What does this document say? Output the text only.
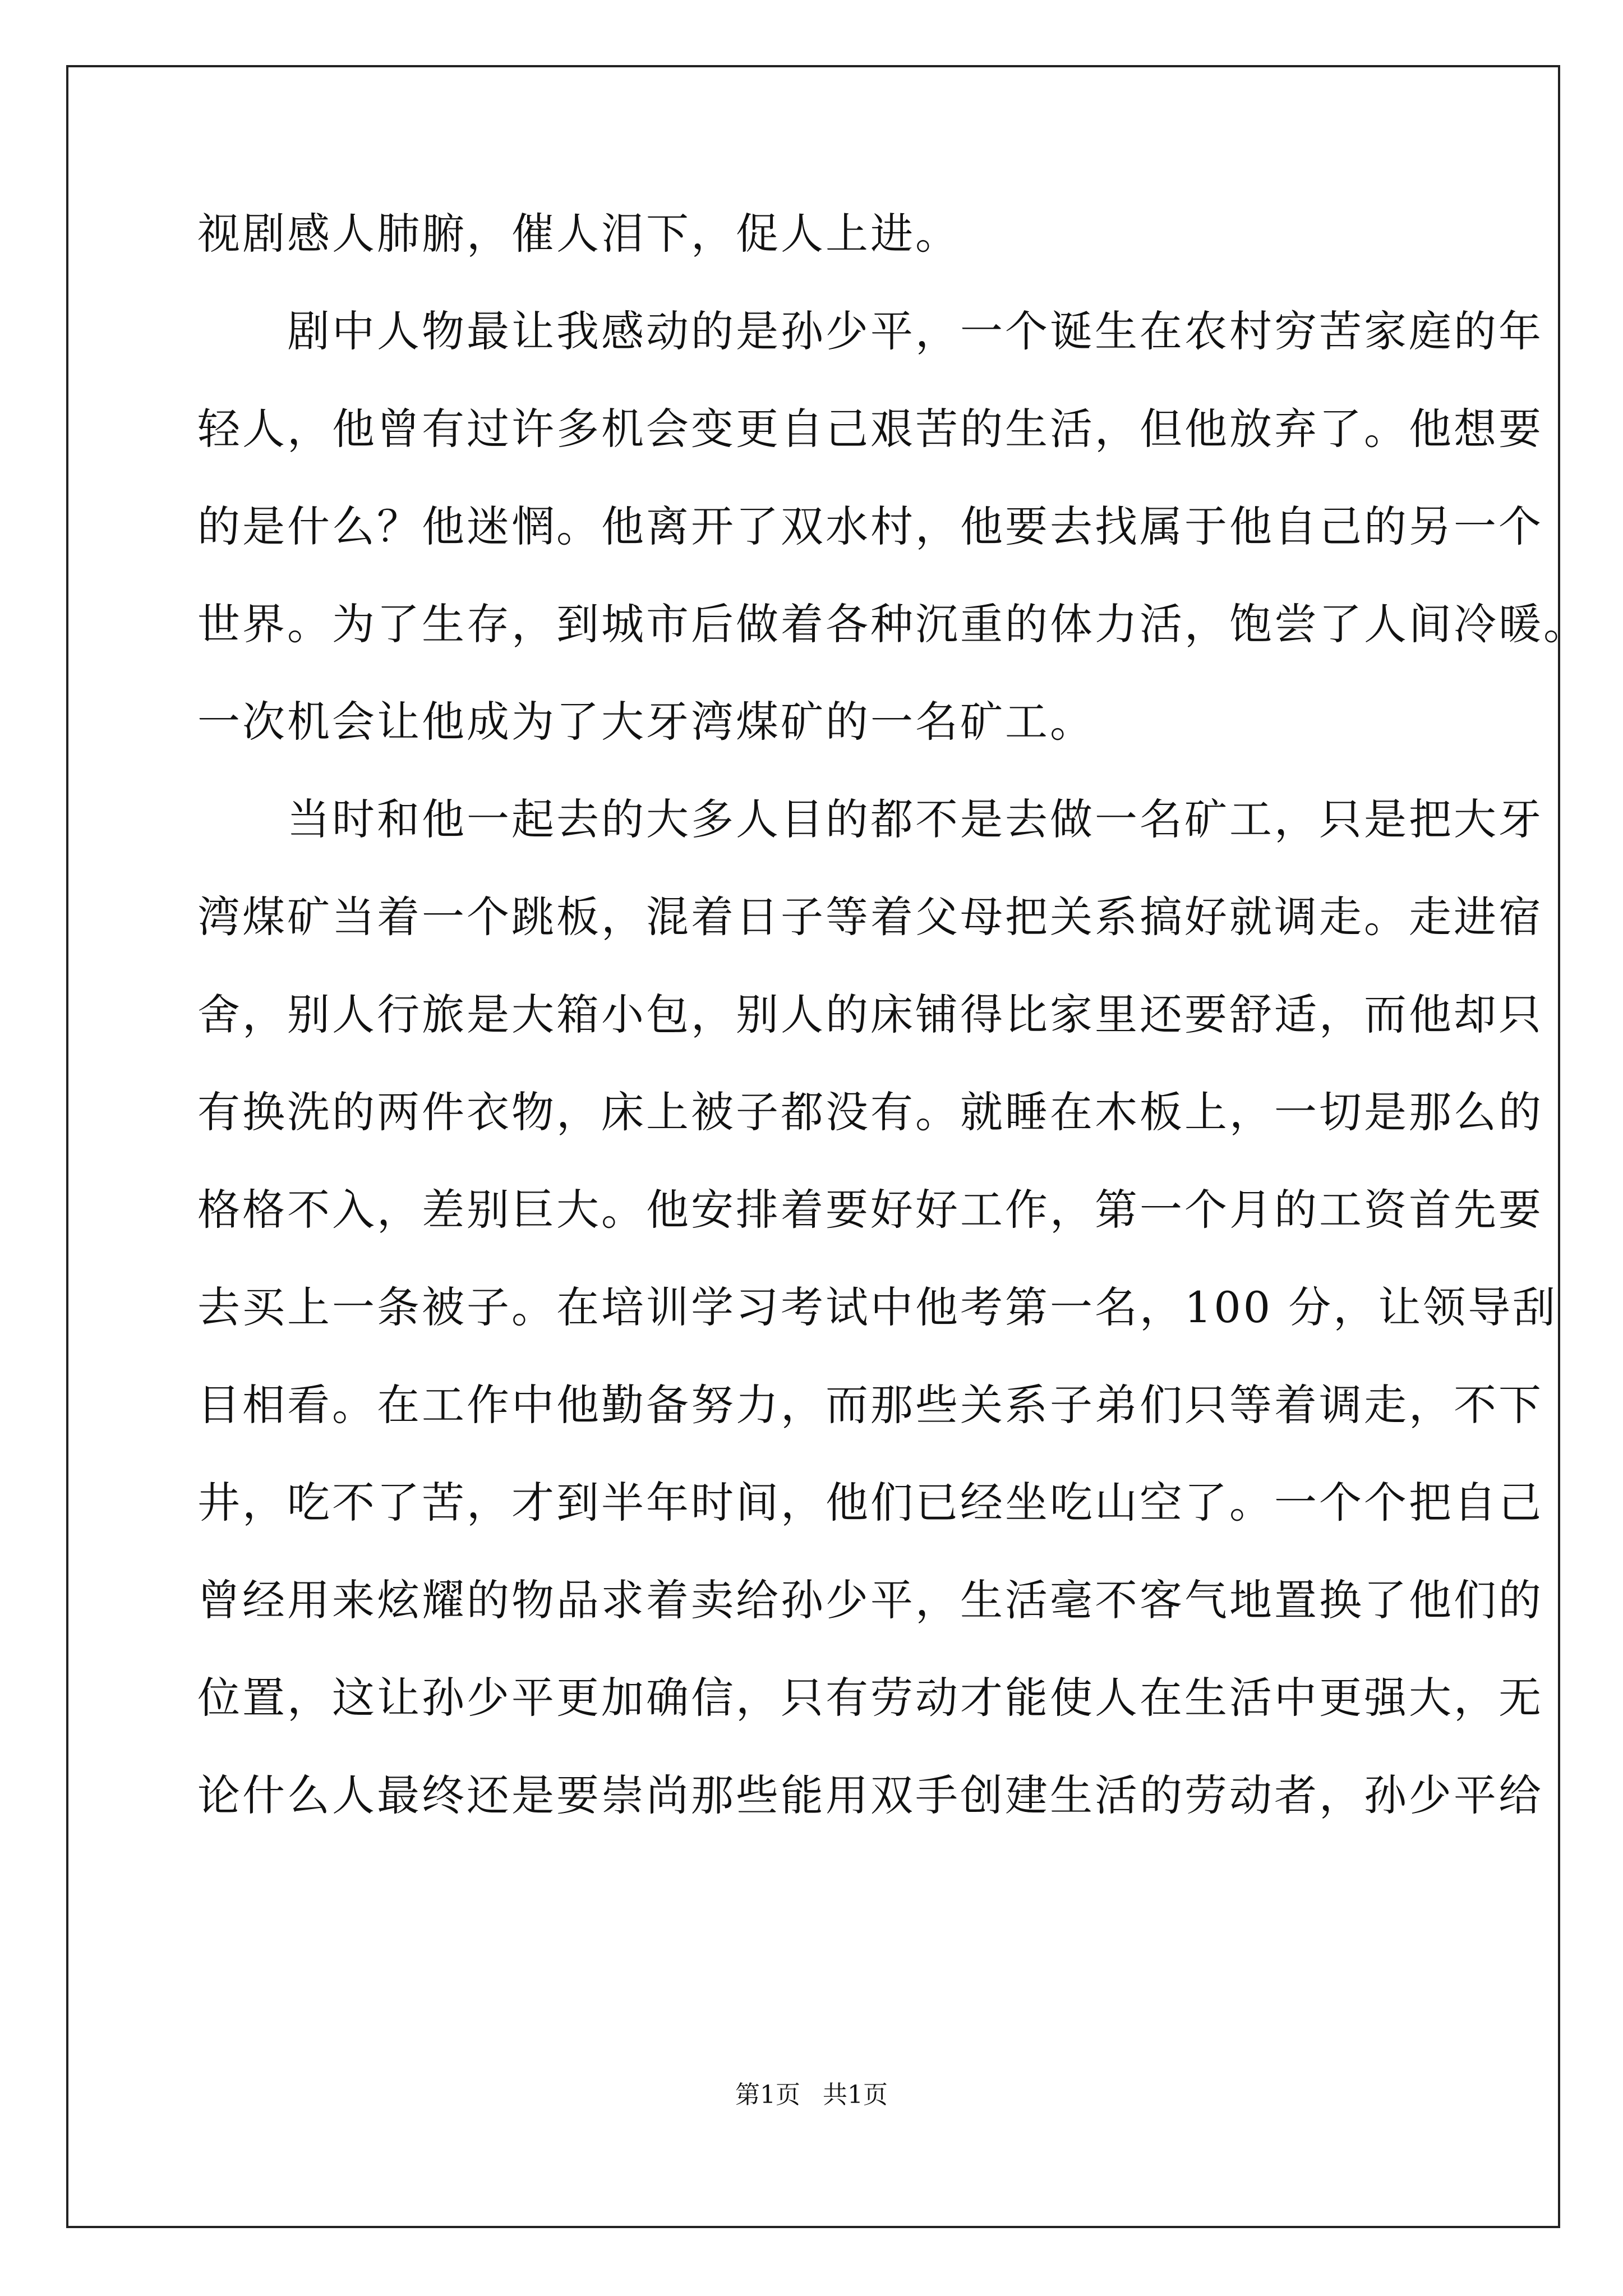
视剧感人肺腑，催人泪下，促人上进。
　　剧中人物最让我感动的是孙少平，一个诞生在农村穷苦家庭的年
轻人，他曾有过许多机会变更自己艰苦的生活，但他放弃了。他想要
的是什么？他迷惘。他离开了双水村，他要去找属于他自己的另一个
世界。为了生存，到城市后做着各种沉重的体力活，饱尝了人间冷暖。
一次机会让他成为了大牙湾煤矿的一名矿工。
　　当时和他一起去的大多人目的都不是去做一名矿工，只是把大牙
湾煤矿当着一个跳板，混着日子等着父母把关系搞好就调走。走进宿
舍，别人行旅是大箱小包，别人的床铺得比家里还要舒适，而他却只
有换洗的两件衣物，床上被子都没有。就睡在木板上，一切是那么的
格格不入，差别巨大。他安排着要好好工作，第一个月的工资首先要
去买上一条被子。在培训学习考试中他考第一名，100 分，让领导刮
目相看。在工作中他勤备努力，而那些关系子弟们只等着调走，不下
井，吃不了苦，才到半年时间，他们已经坐吃山空了。一个个把自己
曾经用来炫耀的物品求着卖给孙少平，生活毫不客气地置换了他们的
位置，这让孙少平更加确信，只有劳动才能使人在生活中更强大，无
论什么人最终还是要崇尚那些能用双手创建生活的劳动者，孙少平给
第1页 共1页
